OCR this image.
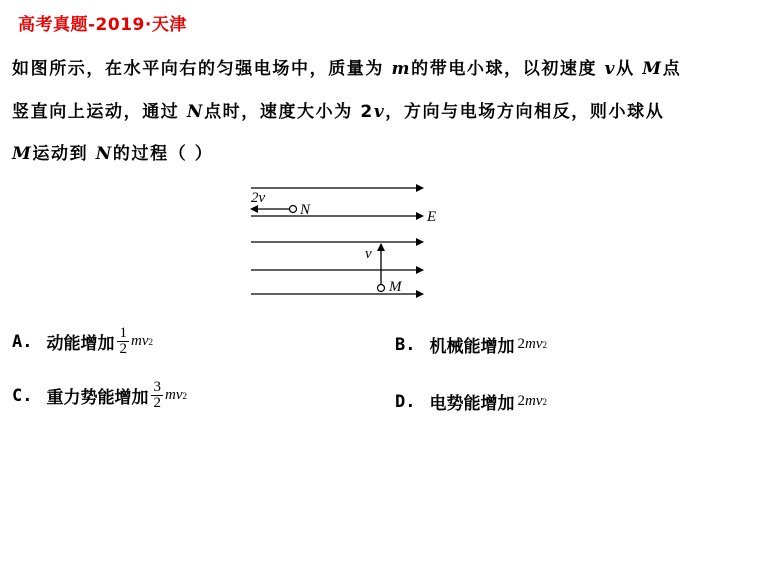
高考真题-2019·天津
如图所示，在水平向右的匀强电场中，质量为 m的带电小球，以初速度 v从 M点
竖直向上运动，通过 N点时，速度大小为 2v，方向与电场方向相反，则小球从
M运动到 N的过程（ ）
2v
N	E
v
M
A. 动能增加 $\frac{1}{2}$ mv 2	B. 机械能增加 2 mv 2
C. 重力势能增加 $\frac{3}{2}$ mv 2	D. 电势能增加 2 mv 2
